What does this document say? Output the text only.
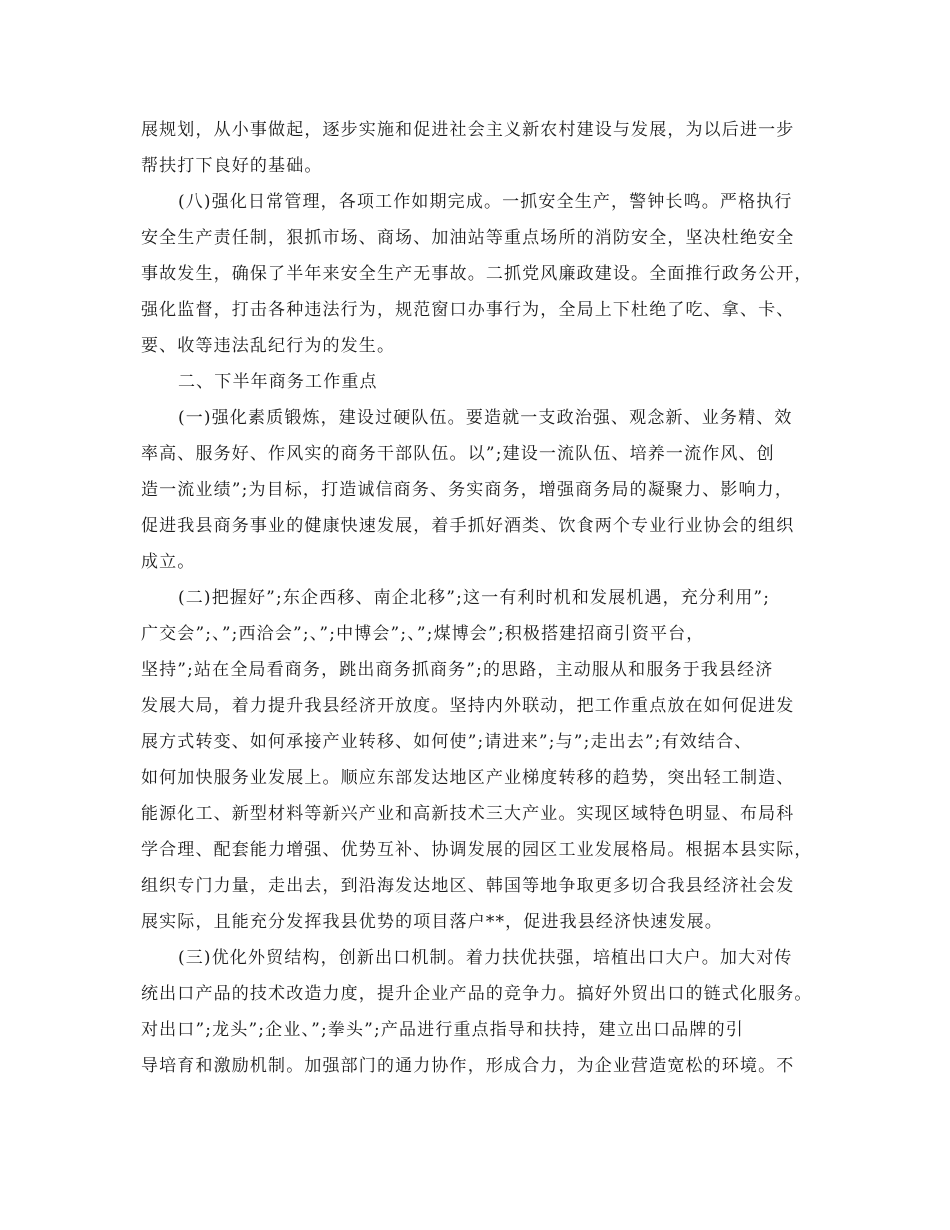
展规划，从小事做起，逐步实施和促进社会主义新农村建设与发展，为以后进一步
帮扶打下良好的基础。
(八)强化日常管理，各项工作如期完成。一抓安全生产，警钟长鸣。严格执行
安全生产责任制，狠抓市场、商场、加油站等重点场所的消防安全，坚决杜绝安全
事故发生，确保了半年来安全生产无事故。二抓党风廉政建设。全面推行政务公开，
强化监督，打击各种违法行为，规范窗口办事行为，全局上下杜绝了吃、拿、卡、
要、收等违法乱纪行为的发生。
二、下半年商务工作重点
(一)强化素质锻炼，建设过硬队伍。要造就一支政治强、观念新、业务精、效
率高、服务好、作风实的商务干部队伍。以”;建设一流队伍、培养一流作风、创
造一流业绩”;为目标，打造诚信商务、务实商务，增强商务局的凝聚力、影响力，
促进我县商务事业的健康快速发展，着手抓好酒类、饮食两个专业行业协会的组织
成立。
(二)把握好”;东企西移、南企北移”;这一有利时机和发展机遇，充分利用”;
广交会”;、”;西洽会”;、”;中博会”;、”;煤博会”;积极搭建招商引资平台，
坚持”;站在全局看商务，跳出商务抓商务”;的思路，主动服从和服务于我县经济
发展大局，着力提升我县经济开放度。坚持内外联动，把工作重点放在如何促进发
展方式转变、如何承接产业转移、如何使”;请进来”;与”;走出去”;有效结合、
如何加快服务业发展上。顺应东部发达地区产业梯度转移的趋势，突出轻工制造、
能源化工、新型材料等新兴产业和高新技术三大产业。实现区域特色明显、布局科
学合理、配套能力增强、优势互补、协调发展的园区工业发展格局。根据本县实际，
组织专门力量，走出去，到沿海发达地区、韩国等地争取更多切合我县经济社会发
展实际，且能充分发挥我县优势的项目落户**，促进我县经济快速发展。
(三)优化外贸结构，创新出口机制。着力扶优扶强，培植出口大户。加大对传
统出口产品的技术改造力度，提升企业产品的竞争力。搞好外贸出口的链式化服务。
对出口”;龙头”;企业、”;拳头”;产品进行重点指导和扶持，建立出口品牌的引
导培育和激励机制。加强部门的通力协作，形成合力，为企业营造宽松的环境。不
